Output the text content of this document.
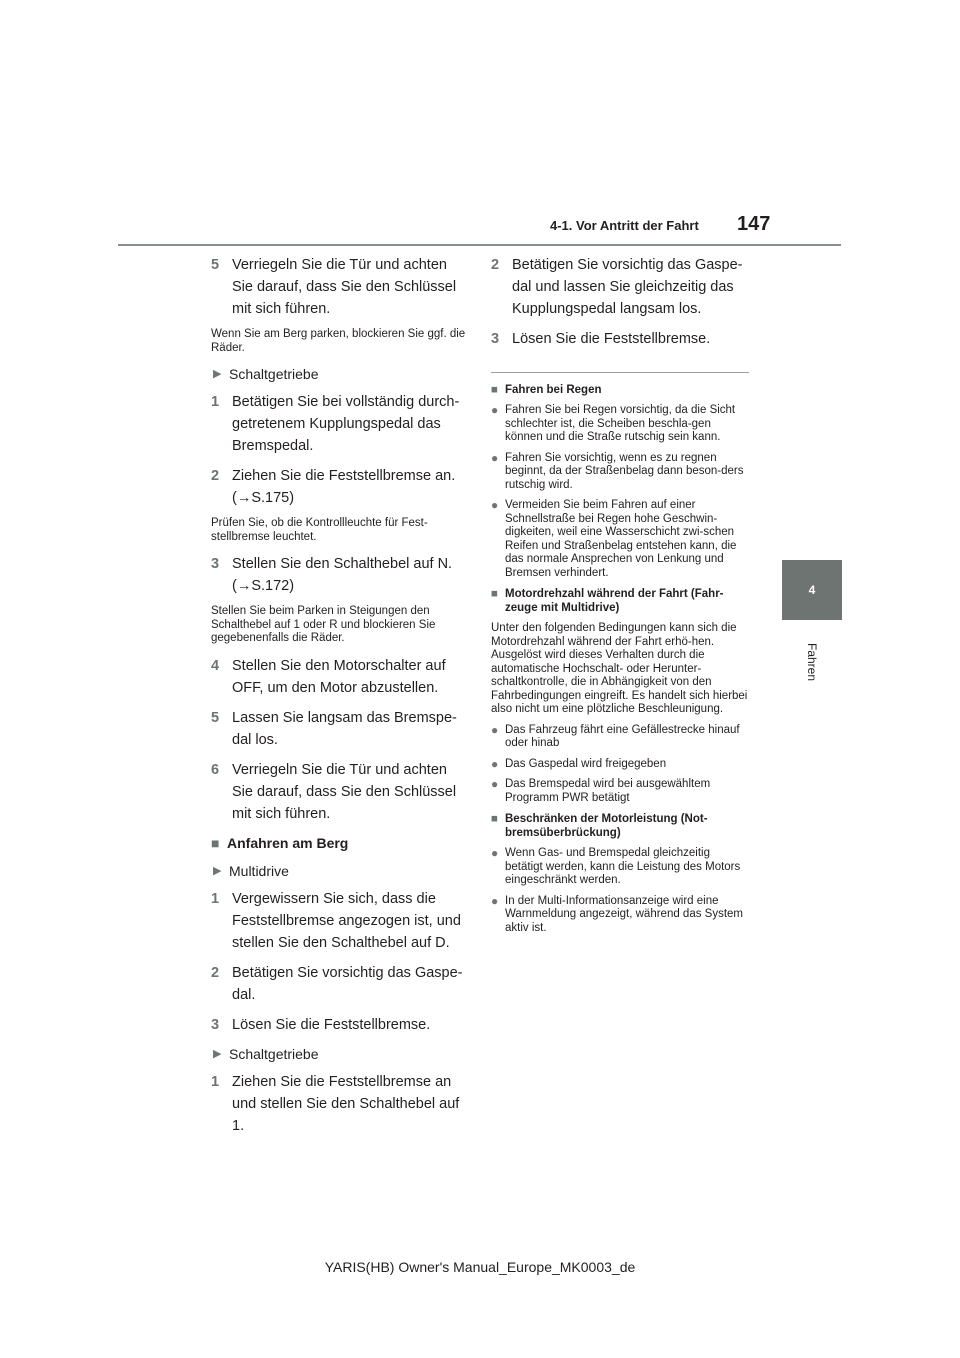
4-1. Vor Antritt der Fahrt 147
4
Fahren
5 Verriegeln Sie die Tür und achten Sie darauf, dass Sie den Schlüssel mit sich führen.
Wenn Sie am Berg parken, blockieren Sie ggf. die Räder.
▶ Schaltgetriebe
1 Betätigen Sie bei vollständig durch-getretenem Kupplungspedal das Bremspedal.
2 Ziehen Sie die Feststellbremse an. (→S.175)
Prüfen Sie, ob die Kontrollleuchte für Fest-stellbremse leuchtet.
3 Stellen Sie den Schalthebel auf N. (→S.172)
Stellen Sie beim Parken in Steigungen den Schalthebel auf 1 oder R und blockieren Sie gegebenenfalls die Räder.
4 Stellen Sie den Motorschalter auf OFF, um den Motor abzustellen.
5 Lassen Sie langsam das Bremspe-dal los.
6 Verriegeln Sie die Tür und achten Sie darauf, dass Sie den Schlüssel mit sich führen.
■ Anfahren am Berg
▶ Multidrive
1 Vergewissern Sie sich, dass die Feststellbremse angezogen ist, und stellen Sie den Schalthebel auf D.
2 Betätigen Sie vorsichtig das Gaspe-dal.
3 Lösen Sie die Feststellbremse.
▶ Schaltgetriebe
1 Ziehen Sie die Feststellbremse an und stellen Sie den Schalthebel auf 1.
2 Betätigen Sie vorsichtig das Gaspe-dal und lassen Sie gleichzeitig das Kupplungspedal langsam los.
3 Lösen Sie die Feststellbremse.
■ Fahren bei Regen
● Fahren Sie bei Regen vorsichtig, da die Sicht schlechter ist, die Scheiben beschla-gen können und die Straße rutschig sein kann.
● Fahren Sie vorsichtig, wenn es zu regnen beginnt, da der Straßenbelag dann beson-ders rutschig wird.
● Vermeiden Sie beim Fahren auf einer Schnellstraße bei Regen hohe Geschwin-digkeiten, weil eine Wasserschicht zwi-schen Reifen und Straßenbelag entstehen kann, die das normale Ansprechen von Lenkung und Bremsen verhindert.
■ Motordrehzahl während der Fahrt (Fahr-zeuge mit Multidrive)
Unter den folgenden Bedingungen kann sich die Motordrehzahl während der Fahrt erhö-hen. Ausgelöst wird dieses Verhalten durch die automatische Hochschalt- oder Herunter-schaltkontrolle, die in Abhängigkeit von den Fahrbedingungen eingreift. Es handelt sich hierbei also nicht um eine plötzliche Beschleunigung.
● Das Fahrzeug fährt eine Gefällestrecke hinauf oder hinab
● Das Gaspedal wird freigegeben
● Das Bremspedal wird bei ausgewähltem Programm PWR betätigt
■ Beschränken der Motorleistung (Not-bremsüberbrückung)
● Wenn Gas- und Bremspedal gleichzeitig betätigt werden, kann die Leistung des Motors eingeschränkt werden.
● In der Multi-Informationsanzeige wird eine Warnmeldung angezeigt, während das System aktiv ist.
YARIS(HB) Owner's Manual_Europe_MK0003_de
